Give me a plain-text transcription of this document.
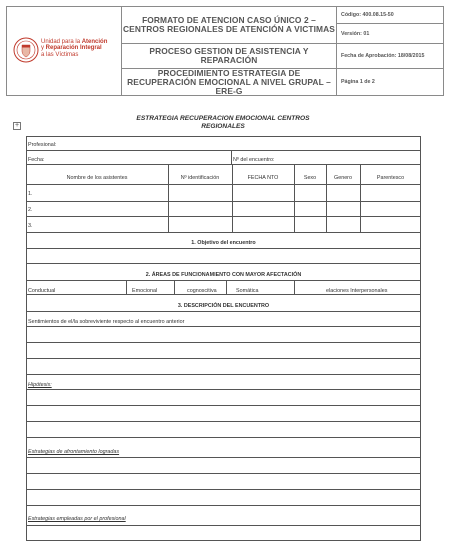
Unidad para la Atención
y Reparación Integral
a las Víctimas
FORMATO DE ATENCION CASO ÚNICO 2 –CENTROS REGIONALES DE ATENCIÓN A VICTIMAS
PROCESO GESTION DE ASISTENCIA Y REPARACIÓN
PROCEDIMIENTO ESTRATEGIA DE RECUPERACIÓN EMOCIONAL A NIVEL GRUPAL – ERE-G
Código: 400.08.15-50
Versión: 01
Fecha de Aprobación: 18/08/2015
Página 1 de 2
+
ESTRATEGIA RECUPERACION EMOCIONAL CENTROS
REGIONALES
Profesional:
Fecha:	Nº del encuentro:
Nombre de los asistentes	Nº identificación	FECHA NTO	Sexo	Genero	Parentesco
1.
2.
3.
1. Objetivo del encuentro
2. ÁREAS DE FUNCIONAMIENTO CON MAYOR AFECTACIÓN
Conductual	Emocional	cognoscitiva	Somática	elaciones Interpersonales
3. DESCRIPCIÓN DEL ENCUENTRO
Sentimientos de el/la sobreviviente respecto al encuentro anterior
Hipótesis:
Estrategias de afrontamiento logradas
Estrategias empleadas por el profesional
